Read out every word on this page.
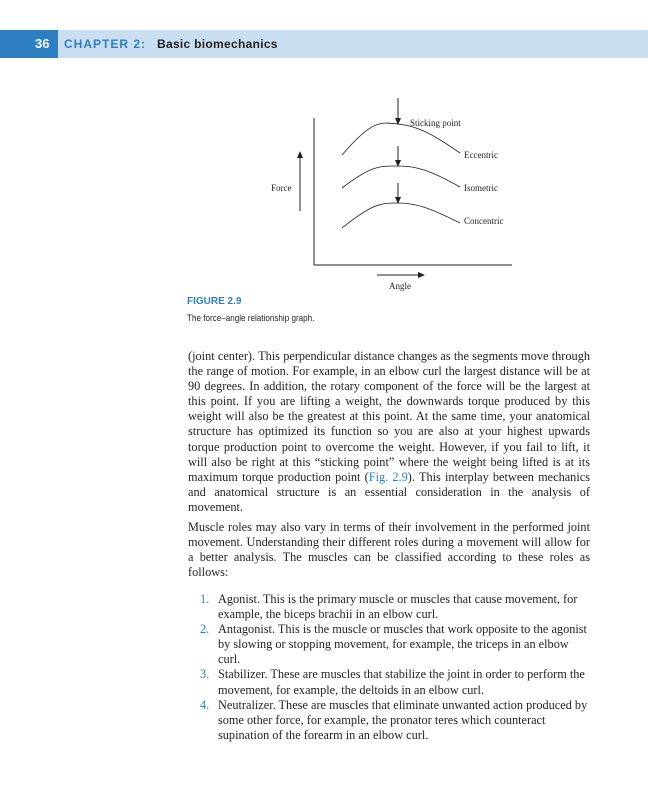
36	CHAPTER 2: Basic biomechanics
Sticking point
Eccentric
Isometric
Concentric
Force
Angle
FIGURE 2.9
The force–angle relationship graph.

(joint center). This perpendicular distance changes as the segments move through the range of motion. For example, in an elbow curl the largest distance will be at 90 degrees. In addition, the rotary component of the force will be the largest at this point. If you are lifting a weight, the downwards torque produced by this weight will also be the greatest at this point. At the same time, your anatomical structure has optimized its function so you are also at your highest upwards torque production point to overcome the weight. However, if you fail to lift, it will also be right at this “sticking point” where the weight being lifted is at its maximum torque production point (Fig. 2.9). This interplay between mechanics and anatomical structure is an essential consideration in the analysis of movement.

Muscle roles may also vary in terms of their involvement in the performed joint movement. Understanding their different roles during a movement will allow for a better analysis. The muscles can be classified according to these roles as follows:

1. Agonist. This is the primary muscle or muscles that cause movement, for example, the biceps brachii in an elbow curl.
2. Antagonist. This is the muscle or muscles that work opposite to the agonist by slowing or stopping movement, for example, the triceps in an elbow curl.
3. Stabilizer. These are muscles that stabilize the joint in order to perform the movement, for example, the deltoids in an elbow curl.
4. Neutralizer. These are muscles that eliminate unwanted action produced by some other force, for example, the pronator teres which counteract supination of the forearm in an elbow curl.
